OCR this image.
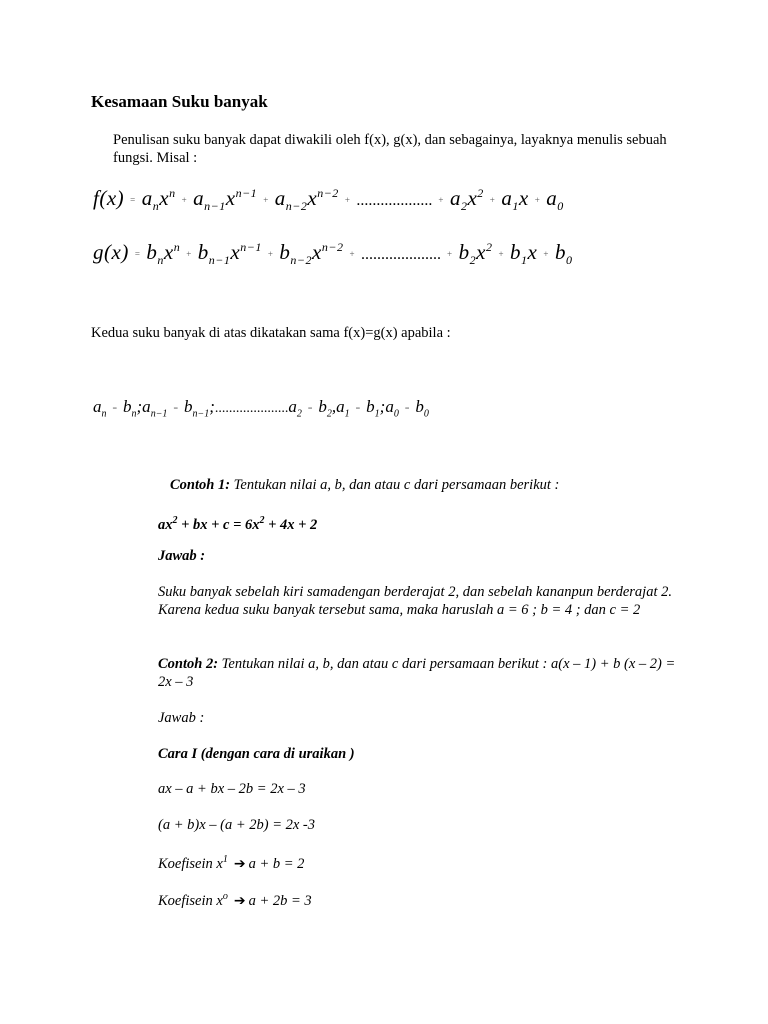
Kesamaan Suku banyak
Penulisan suku banyak dapat diwakili oleh f(x), g(x), dan sebagainya, layaknya menulis sebuah fungsi. Misal :
$f(x) = a_nx^n+ a_{n-1}x^{n-1}+ a_{n-2}x^{n-2}+$ ................... + $a_2x^2+ a_1x + a_0$
$g(x) = b_nx^n+ b_{n-1}x^{n-1}+ b_{n-2}x^{n-2}+$ .................... + $b_2x^2+ b_1x + b_0$
Kedua suku banyak di atas dikatakan sama f(x)=g(x) apabila :
$a_n=$ $b_n;a_{n-1}=$ $b_{n-1};.....................a_2= b_2,a_1=$ $b_1;a_0= b_0$
Contoh 1: Tentukan nilai a, b, dan atau c dari persamaan berikut :
$ax^2$ + bx + $c = 6x^2 + 4x + 2$
Jawab :
Suku banyak sebelah kiri samadengan berderajat 2, dan sebelah kananpun berderajat 2. Karena kedua suku banyak tersebut sama, maka haruslah a = 6 ; b = 4 ; dan c = 2
Contoh 2: Tentukan nilai a, b, dan atau c dari persamaan berikut : a(x – 1) + b (x – 2) = 2x – 3
Jawab :
Cara I (dengan cara di uraikan )
ax – a + bx – 2b = 2x – 3
(a + b)x – (a + 2b) = 2x -3
Koefisein $x^1$ ➔ a + b = 2
Koefisein $x^o$ ➔ a + 2b = 3
